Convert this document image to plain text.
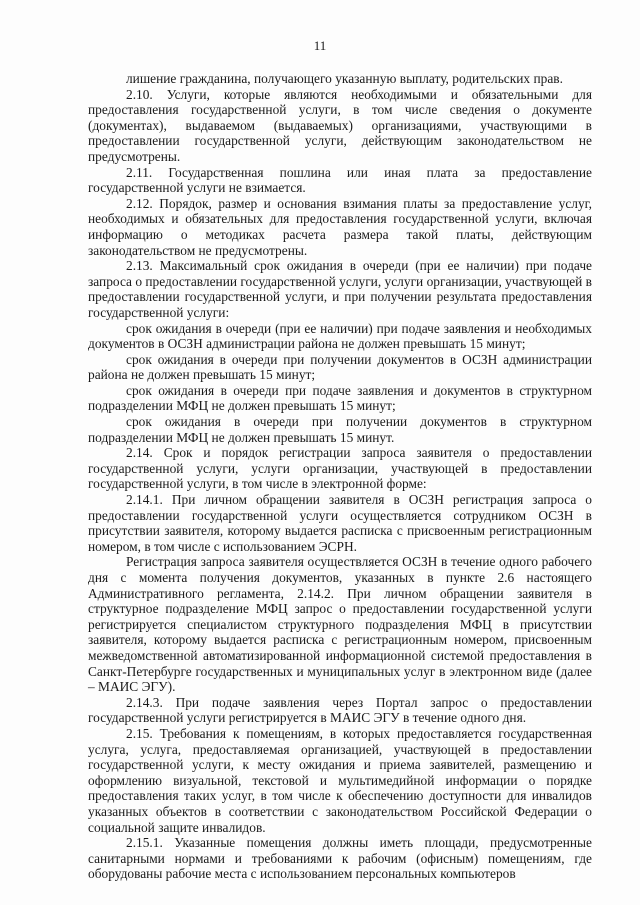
11

лишение гражданина, получающего указанную выплату, родительских прав.

2.10. Услуги, которые являются необходимыми и обязательными для предоставления государственной услуги, в том числе сведения о документе (документах), выдаваемом (выдаваемых) организациями, участвующими в предоставлении государственной услуги, действующим законодательством не предусмотрены.

2.11. Государственная пошлина или иная плата за предоставление государственной услуги не взимается.

2.12. Порядок, размер и основания взимания платы за предоставление услуг, необходимых и обязательных для предоставления государственной услуги, включая информацию о методиках расчета размера такой платы, действующим законодательством не предусмотрены.

2.13. Максимальный срок ожидания в очереди (при ее наличии) при подаче запроса о предоставлении государственной услуги, услуги организации, участвующей в предоставлении государственной услуги, и при получении результата предоставления государственной услуги:

срок ожидания в очереди (при ее наличии) при подаче заявления и необходимых документов в ОСЗН администрации района не должен превышать 15 минут;

срок ожидания в очереди при получении документов в ОСЗН администрации района не должен превышать 15 минут;

срок ожидания в очереди при подаче заявления и документов в структурном подразделении МФЦ не должен превышать 15 минут;

срок ожидания в очереди при получении документов в структурном подразделении МФЦ не должен превышать 15 минут.

2.14. Срок и порядок регистрации запроса заявителя о предоставлении государственной услуги, услуги организации, участвующей в предоставлении государственной услуги, в том числе в электронной форме:

2.14.1. При личном обращении заявителя в ОСЗН регистрация запроса о предоставлении государственной услуги осуществляется сотрудником ОСЗН в присутствии заявителя, которому выдается расписка с присвоенным регистрационным номером, в том числе с использованием ЭСРН.

Регистрация запроса заявителя осуществляется ОСЗН в течение одного рабочего дня с момента получения документов, указанных в пункте 2.6 настоящего Административного регламента, 2.14.2. При личном обращении заявителя в структурное подразделение МФЦ запрос о предоставлении государственной услуги регистрируется специалистом структурного подразделения МФЦ в присутствии заявителя, которому выдается расписка с регистрационным номером, присвоенным межведомственной автоматизированной информационной системой предоставления в Санкт-Петербурге государственных и муниципальных услуг в электронном виде (далее – МАИС ЭГУ).

2.14.3. При подаче заявления через Портал запрос о предоставлении государственной услуги регистрируется в МАИС ЭГУ в течение одного дня.

2.15. Требования к помещениям, в которых предоставляется государственная услуга, услуга, предоставляемая организацией, участвующей в предоставлении государственной услуги, к месту ожидания и приема заявителей, размещению и оформлению визуальной, текстовой и мультимедийной информации о порядке предоставления таких услуг, в том числе к обеспечению доступности для инвалидов указанных объектов в соответствии с законодательством Российской Федерации о социальной защите инвалидов.

2.15.1. Указанные помещения должны иметь площади, предусмотренные санитарными нормами и требованиями к рабочим (офисным) помещениям, где оборудованы рабочие места с использованием персональных компьютеров
